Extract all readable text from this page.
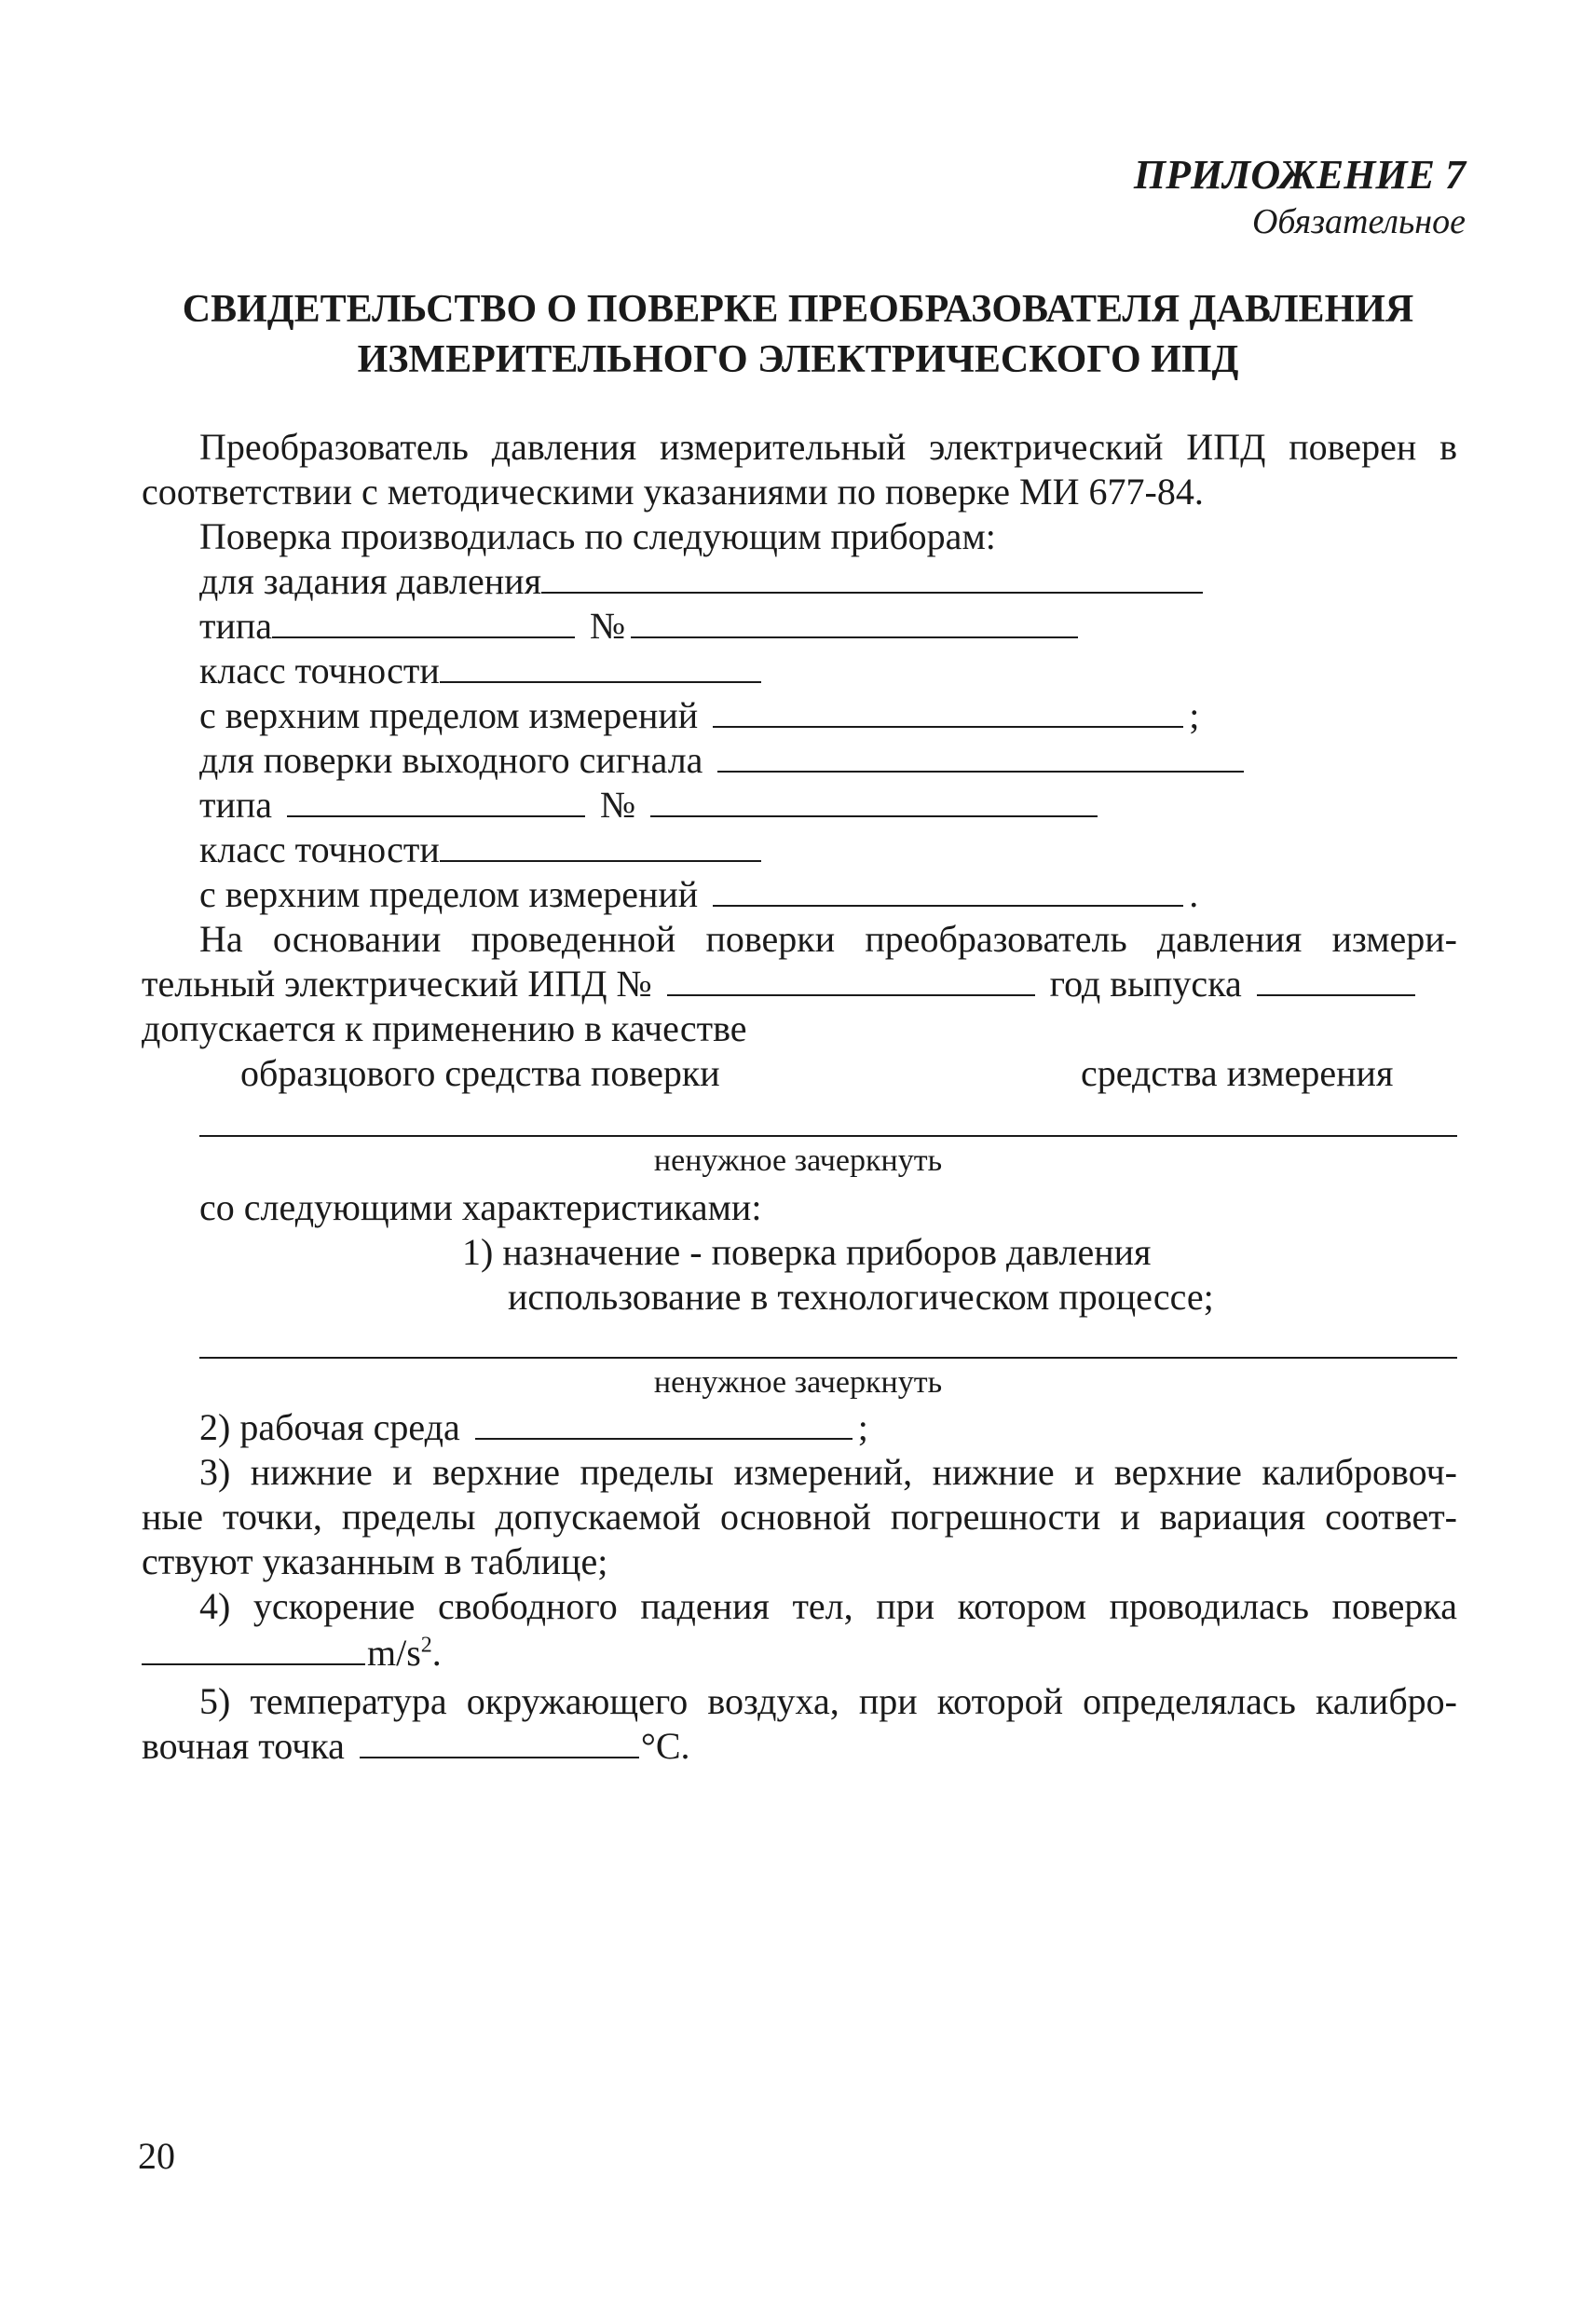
ПРИЛОЖЕНИЕ 7
Обязательное
СВИДЕТЕЛЬСТВО О ПОВЕРКЕ ПРЕОБРАЗОВАТЕЛЯ ДАВЛЕНИЯ
ИЗМЕРИТЕЛЬНОГО ЭЛЕКТРИЧЕСКОГО ИПД
Преобразователь давления измерительный электрический ИПД поверен в
соответствии с методическими указаниями по поверке МИ 677-84.
Поверка производилась по следующим приборам:
для задания давления
типа	№
класс точности
с верхним пределом измерений	;
для поверки выходного сигнала
типа	№
класс точности
с верхним пределом измерений	.
На основании проведенной поверки преобразователь давления измери-
тельный электрический ИПД №	год выпуска
допускается к применению в качестве
образцового средства поверки	средства измерения
ненужное зачеркнуть
со следующими характеристиками:
1) назначение - поверка приборов давления
использование в технологическом процессе;
ненужное зачеркнуть
2) рабочая среда	;
3) нижние и верхние пределы измерений, нижние и верхние калибровоч-
ные точки, пределы допускаемой основной погрешности и вариация соответ-
ствуют указанным в таблице;
4) ускорение свободного падения тел, при котором проводилась поверка
$m/s^2$.
5) температура окружающего воздуха, при которой определялась калибро-
вочная точка	°С.
20
